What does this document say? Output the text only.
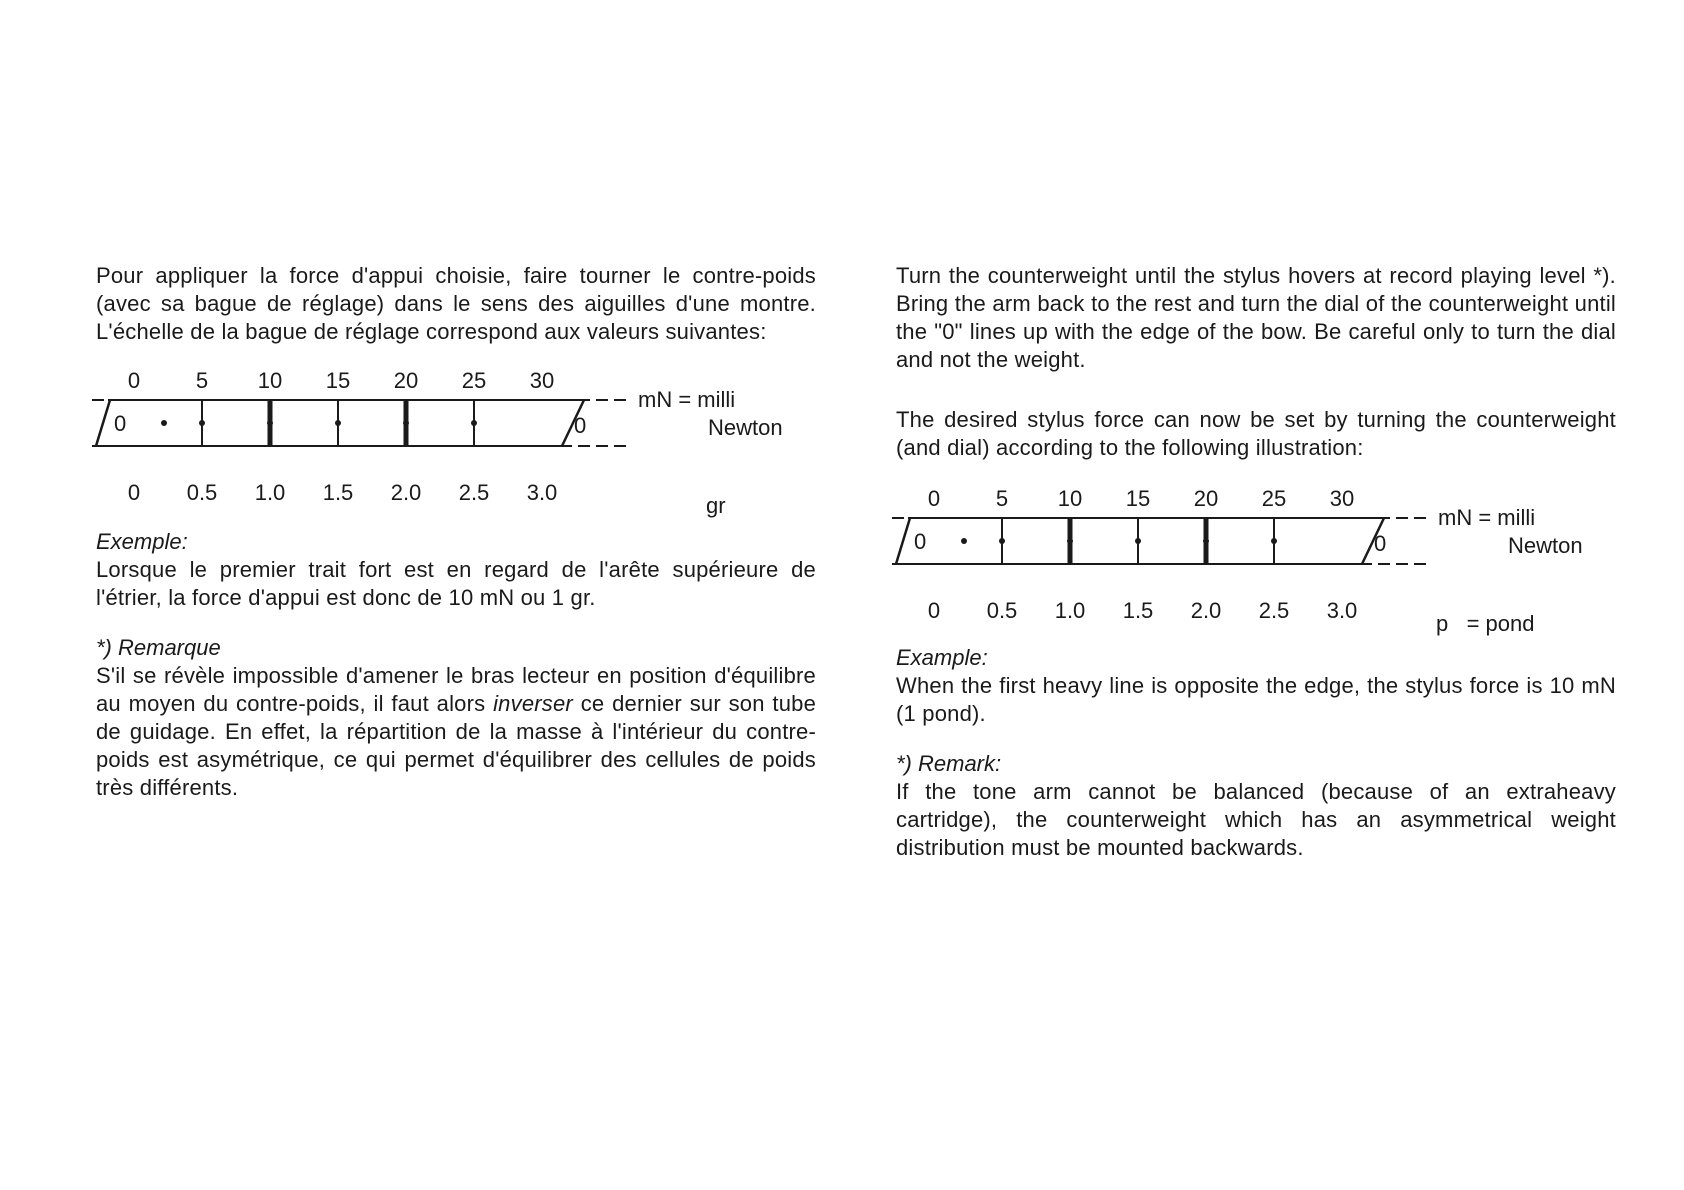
Pour appliquer la force d'appui choisie, faire tourner le contre-poids (avec sa bague de réglage) dans le sens des aiguilles d'une montre. L'échelle de la bague de réglage correspond aux valeurs suivantes:

0	5 10 15 20 25 30
0	0
0 0.5 1.0 1.5 2.0 2.5 3.0
mN = milli
Newton
gr

Exemple:

Lorsque le premier trait fort est en regard de l'arête supérieure de l'étrier, la force d'appui est donc de 10 mN ou 1 gr.

*) Remarque

S'il se révèle impossible d'amener le bras lecteur en position d'équilibre au moyen du contre-poids, il faut alors inverser ce dernier sur son tube de guidage. En effet, la répartition de la masse à l'intérieur du contre-poids est asymétrique, ce qui permet d'équilibrer des cellules de poids très différents.

Turn the counterweight until the stylus hovers at record playing level *). Bring the arm back to the rest and turn the dial of the counterweight until the "0" lines up with the edge of the bow. Be careful only to turn the dial and not the weight.

The desired stylus force can now be set by turning the counterweight (and dial) according to the following illustration:

0	5 10 15 20 25 30
0	0
0 0.5 1.0 1.5 2.0 2.5 3.0
mN = milli
Newton
p   = pond

Example:

When the first heavy line is opposite the edge, the stylus force is 10 mN (1 pond).

*) Remark:

If the tone arm cannot be balanced (because of an extraheavy cartridge), the counterweight which has an asymmetrical weight distribution must be mounted backwards.
